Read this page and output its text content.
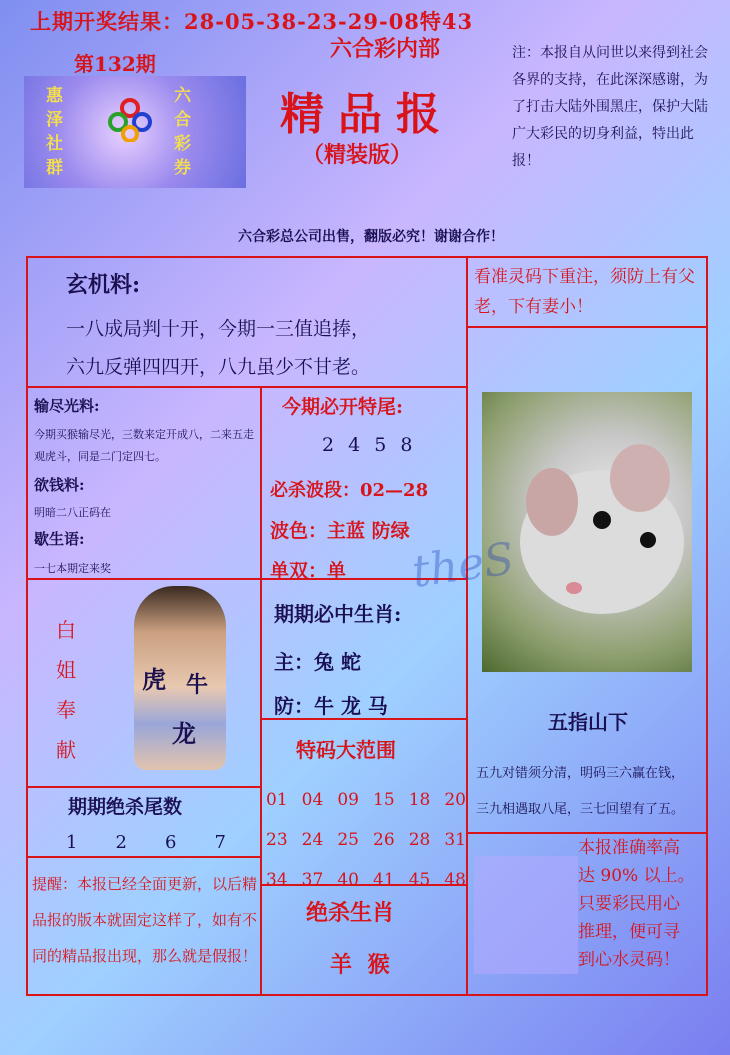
上期开奖结果：28-05-38-23-29-08特43
第132期
六合彩内部
惠
泽
社
群
六
合
彩
券
精品报
（精装版）
注：本报自从问世以来得到社会各界的支持，在此深深感谢，为了打击大陆外围黑庄，保护大陆广大彩民的切身利益，特出此报！
六合彩总公司出售，翻版必究！谢谢合作！
玄机料:
一八成局判十开，今期一三值追捧，
六九反弹四四开，八九虽少不甘老。
看准灵码下重注，须防上有父老，下有妻小！
输尽光料:
今期买猴输尽光，三数来定开成八，二来五走观虎斗，同是二门定四七。
欲钱料:
明暗二八正码在
歇生语:
一七本期定来奖
今期必开特尾:
2 4 5 8
必杀波段：02—28
波色：主蓝 防绿
单双：单
期期必中生肖:
主：兔 蛇
防：牛 龙 马
白
姐
奉
献
虎 牛
龙
特码大范围
01 04 09 15 18 20
23 24 25 26 28 31
34 37 40 41 45 48
期期绝杀尾数
1 2 6 7
提醒：本报已经全面更新，以后精品报的版本就固定这样了，如有不同的精品报出现，那么就是假报！
绝杀生肖
羊 猴
五指山下
五九对错须分清，明码三六赢在钱，
三九相遇取八尾，三七回望有了五。
本报准确率高
达 90% 以上。
只要彩民用心
推理，便可寻
到心水灵码！
theS
